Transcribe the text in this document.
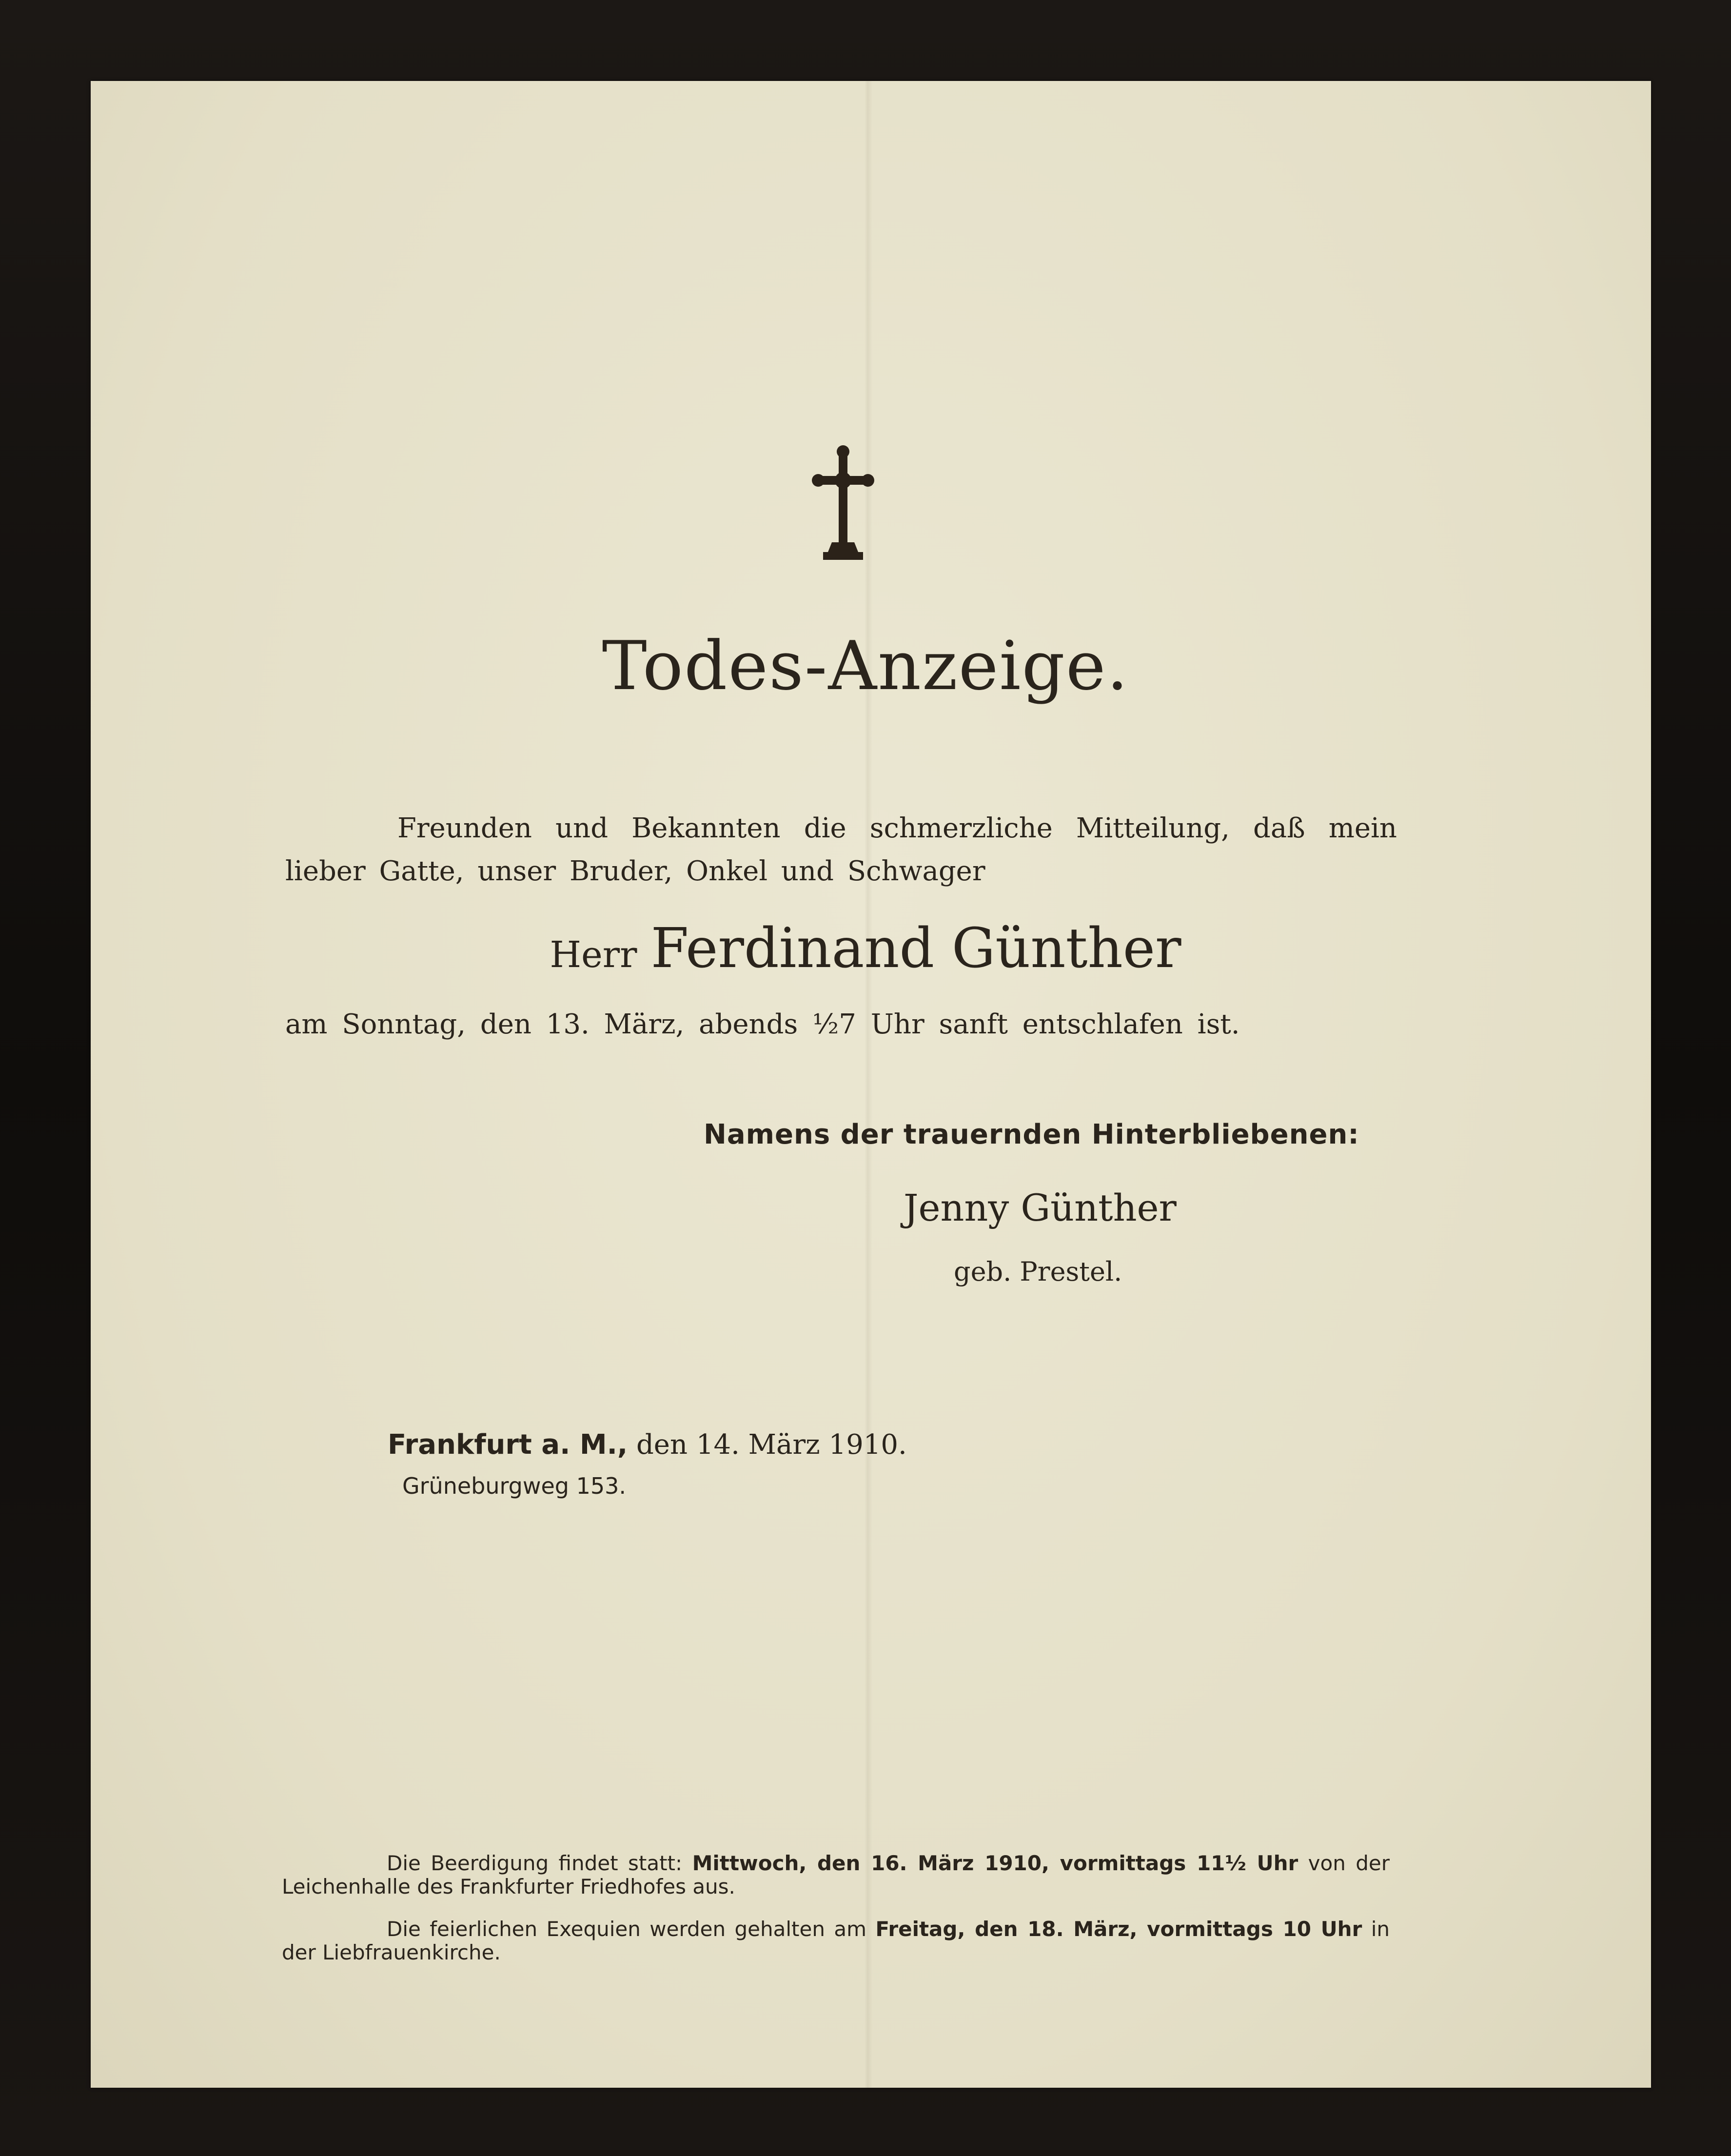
Todes-Anzeige.
Freunden und Bekannten die schmerzliche Mitteilung, daß mein lieber Gatte, unser Bruder, Onkel und Schwager
Herr Ferdinand Günther
am Sonntag, den 13. März, abends ½7 Uhr sanft entschlafen ist.
Namens der trauernden Hinterbliebenen:
Jenny Günther
geb. Prestel.
Frankfurt a. M., den 14. März 1910.
Grüneburgweg 153.
Die Beerdigung findet statt: Mittwoch, den 16. März 1910, vormittags 11½ Uhr von der Leichenhalle des Frankfurter Friedhofes aus.
Die feierlichen Exequien werden gehalten am Freitag, den 18. März, vormittags 10 Uhr in der Liebfrauenkirche.
